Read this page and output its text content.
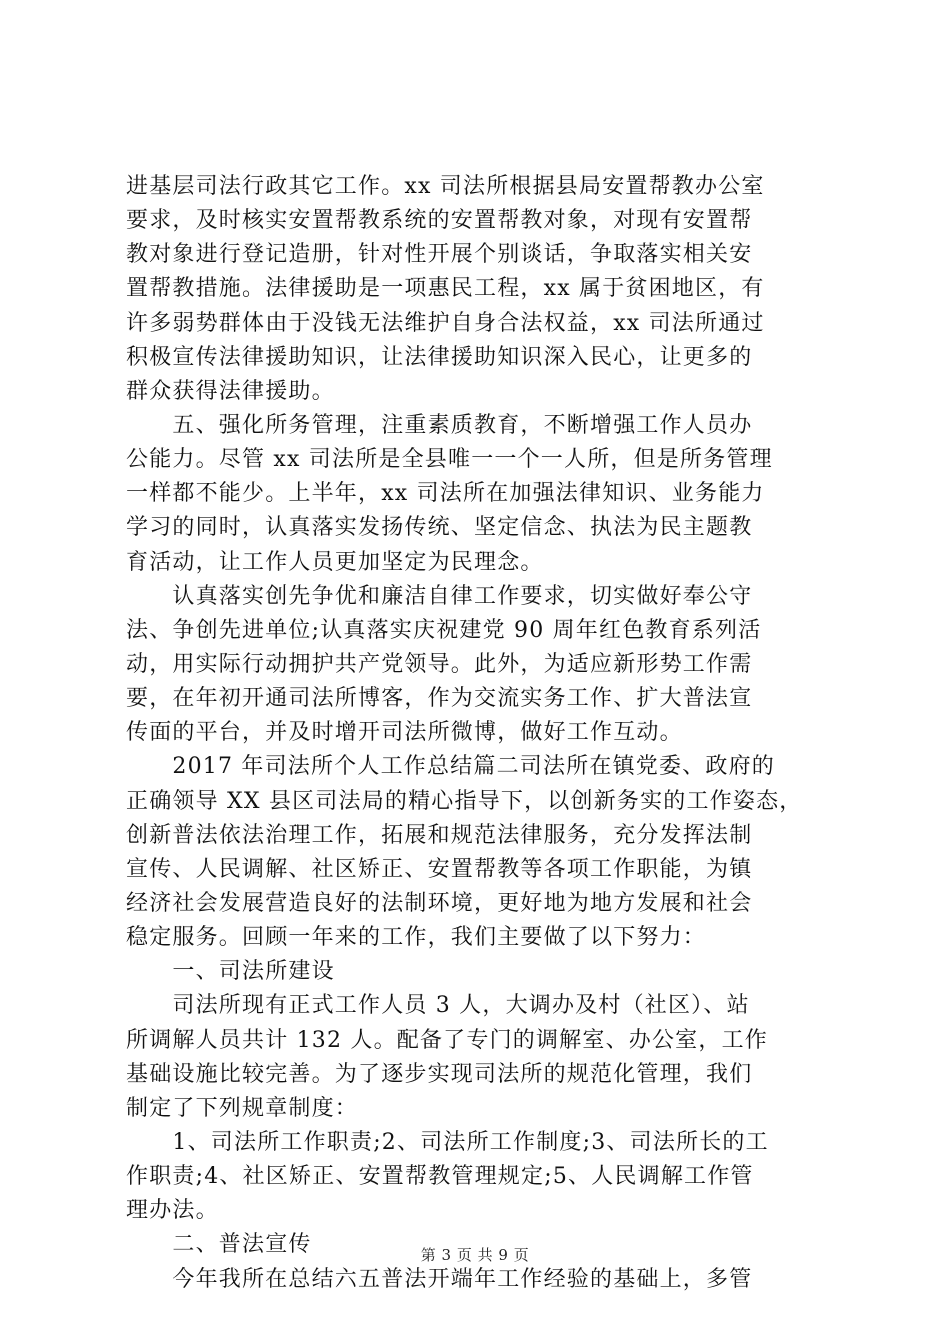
进基层司法行政其它工作。xx 司法所根据县局安置帮教办公室
要求，及时核实安置帮教系统的安置帮教对象，对现有安置帮
教对象进行登记造册，针对性开展个别谈话，争取落实相关安
置帮教措施。法律援助是一项惠民工程，xx 属于贫困地区，有
许多弱势群体由于没钱无法维护自身合法权益，xx 司法所通过
积极宣传法律援助知识，让法律援助知识深入民心，让更多的
群众获得法律援助。
　　五、强化所务管理，注重素质教育，不断增强工作人员办
公能力。尽管 xx 司法所是全县唯一一个一人所，但是所务管理
一样都不能少。上半年，xx 司法所在加强法律知识、业务能力
学习的同时，认真落实发扬传统、坚定信念、执法为民主题教
育活动，让工作人员更加坚定为民理念。
　　认真落实创先争优和廉洁自律工作要求，切实做好奉公守
法、争创先进单位;认真落实庆祝建党 90 周年红色教育系列活
动，用实际行动拥护共产党领导。此外，为适应新形势工作需
要，在年初开通司法所博客，作为交流实务工作、扩大普法宣
传面的平台，并及时增开司法所微博，做好工作互动。
　　2017 年司法所个人工作总结篇二司法所在镇党委、政府的
正确领导 XX 县区司法局的精心指导下，以创新务实的工作姿态，
创新普法依法治理工作，拓展和规范法律服务，充分发挥法制
宣传、人民调解、社区矫正、安置帮教等各项工作职能，为镇
经济社会发展营造良好的法制环境，更好地为地方发展和社会
稳定服务。回顾一年来的工作，我们主要做了以下努力：
　　一、司法所建设
　　司法所现有正式工作人员 3 人，大调办及村（社区）、站
所调解人员共计 132 人。配备了专门的调解室、办公室，工作
基础设施比较完善。为了逐步实现司法所的规范化管理，我们
制定了下列规章制度：
　　1、司法所工作职责;2、司法所工作制度;3、司法所长的工
作职责;4、社区矫正、安置帮教管理规定;5、人民调解工作管
理办法。
　　二、普法宣传
　　今年我所在总结六五普法开端年工作经验的基础上，多管
第 3 页 共 9 页
